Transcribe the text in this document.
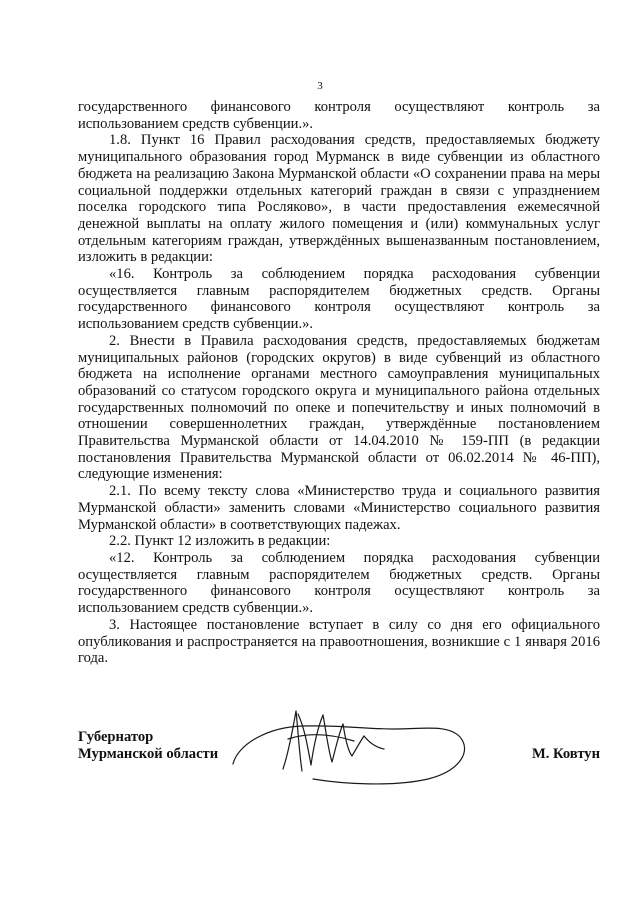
3

государственного финансового контроля осуществляют контроль за использованием средств субвенции.».

1.8. Пункт 16 Правил расходования средств, предоставляемых бюджету муниципального образования город Мурманск в виде субвенции из областного бюджета на реализацию Закона Мурманской области «О сохранении права на меры социальной поддержки отдельных категорий граждан в связи с упразднением поселка городского типа Росляково», в части предоставления ежемесячной денежной выплаты на оплату жилого помещения и (или) коммунальных услуг отдельным категориям граждан, утверждённых вышеназванным постановлением, изложить в редакции:

«16. Контроль за соблюдением порядка расходования субвенции осуществляется главным распорядителем бюджетных средств. Органы государственного финансового контроля осуществляют контроль за использованием средств субвенции.».

2. Внести в Правила расходования средств, предоставляемых бюджетам муниципальных районов (городских округов) в виде субвенций из областного бюджета на исполнение органами местного самоуправления муниципальных образований со статусом городского округа и муниципального района отдельных государственных полномочий по опеке и попечительству и иных полномочий в отношении совершеннолетних граждан, утверждённые постановлением Правительства Мурманской области от 14.04.2010 № 159-ПП (в редакции постановления Правительства Мурманской области от 06.02.2014 № 46-ПП), следующие изменения:

2.1. По всему тексту слова «Министерство труда и социального развития Мурманской области» заменить словами «Министерство социального развития Мурманской области» в соответствующих падежах.

2.2. Пункт 12 изложить в редакции:

«12. Контроль за соблюдением порядка расходования субвенции осуществляется главным распорядителем бюджетных средств. Органы государственного финансового контроля осуществляют контроль за использованием средств субвенции.».

3. Настоящее постановление вступает в силу со дня его официального опубликования и распространяется на правоотношения, возникшие с 1 января 2016 года.

Губернатор
Мурманской области	М. Ковтун
